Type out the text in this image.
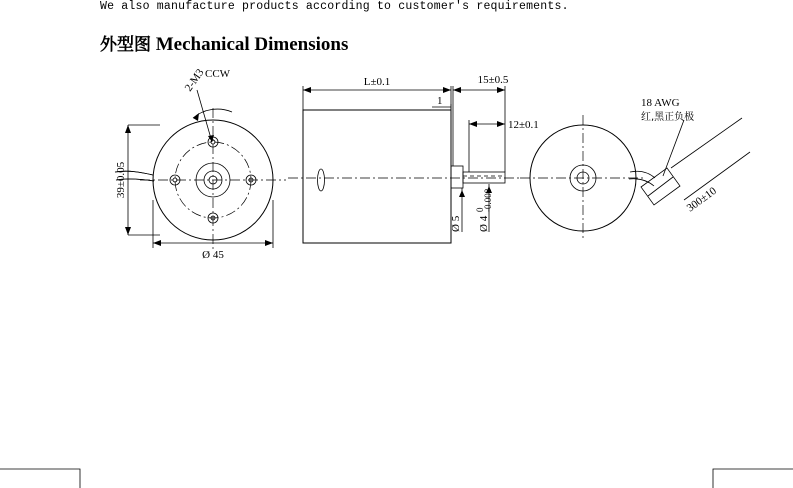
We also manufacture products according to customer's requirements.
外型图 Mechanical Dimensions
CCW
2-M3
39±0.05
Ø 45
L±0.1	15±0.5
12±0.1
1
Ø 5 Ø 4
0
-0.008
18 AWG
红,黑正负极
300±10
